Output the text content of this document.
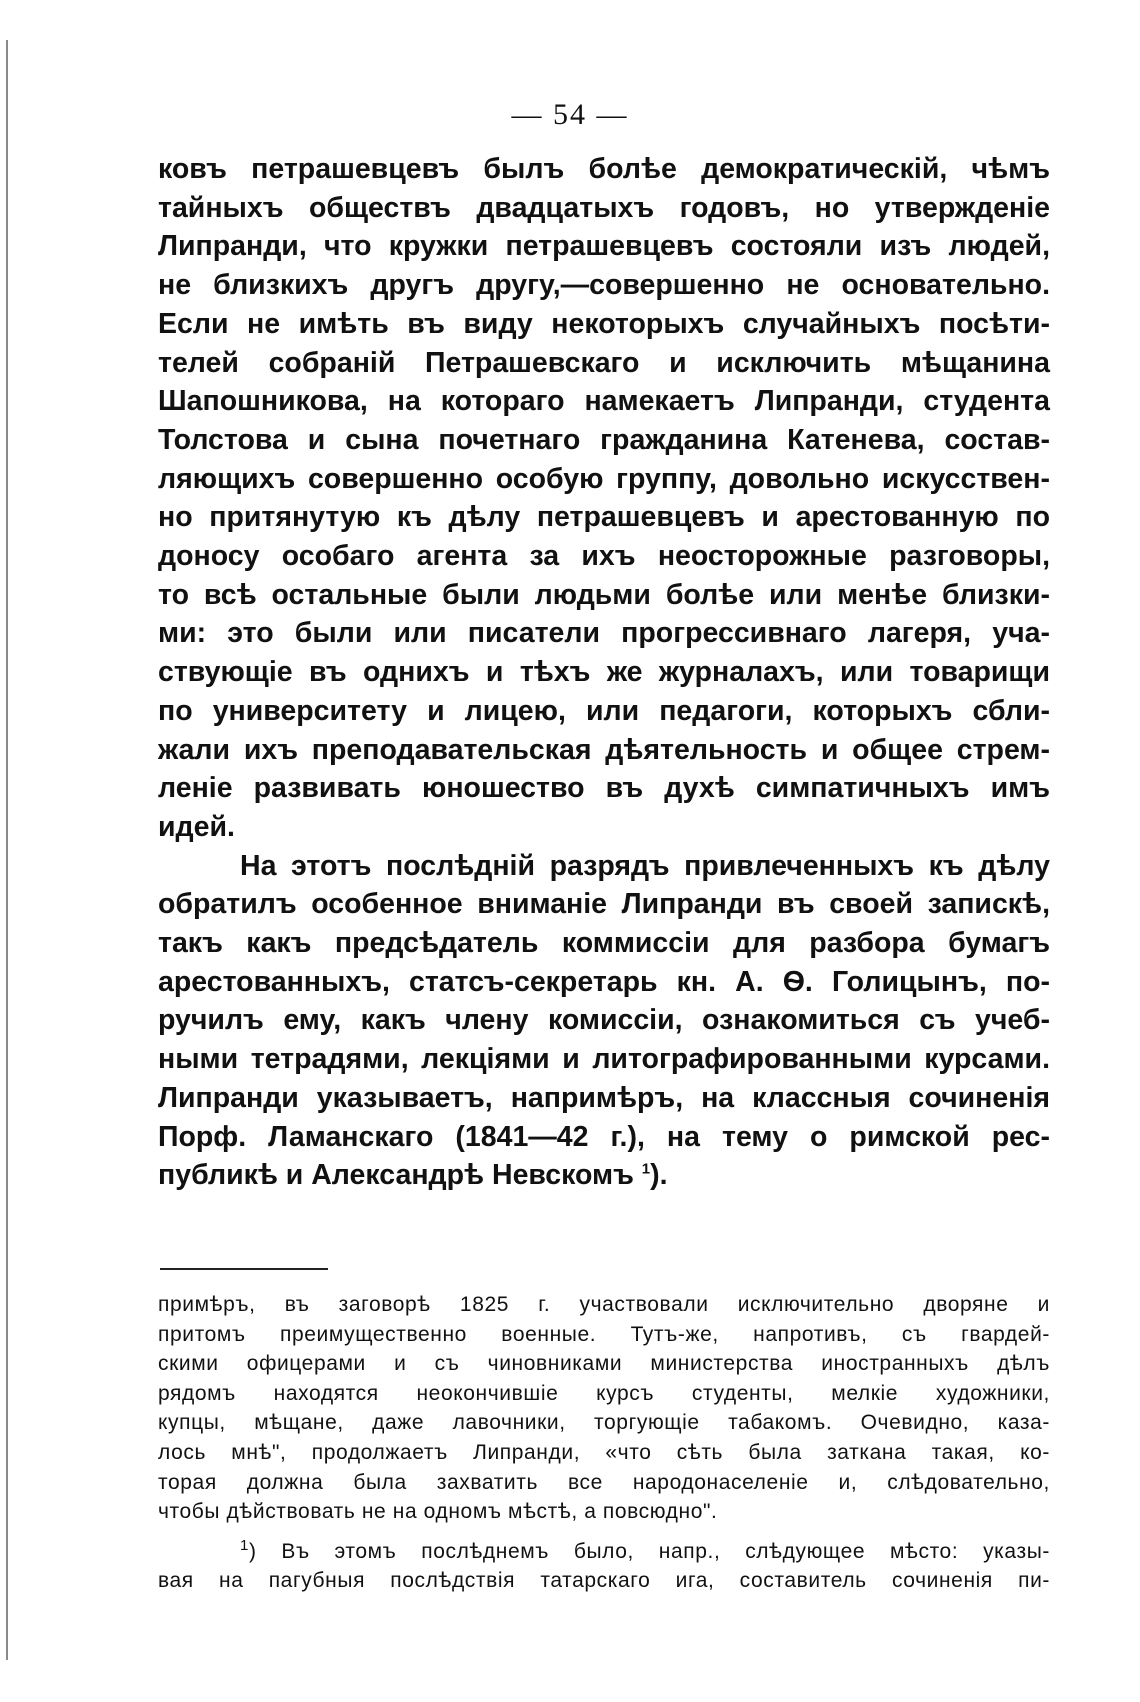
— 54 —

ковъ петрашевцевъ былъ болѣе демократическій, чѣмъ
тайныхъ обществъ двадцатыхъ годовъ, но утвержденіе
Липранди, что кружки петрашевцевъ состояли изъ людей,
не близкихъ другъ другу,—совершенно не основательно.
Если не имѣть въ виду некоторыхъ случайныхъ посѣти-
телей собраній Петрашевскаго и исключить мѣщанина
Шапошникова, на котораго намекаетъ Липранди, студента
Толстова и сына почетнаго гражданина Катенева, состав-
ляющихъ совершенно особую группу, довольно искусствен-
но притянутую къ дѣлу петрашевцевъ и арестованную по
доносу особаго агента за ихъ неосторожные разговоры,
то всѣ остальные были людьми болѣе или менѣе близки-
ми: это были или писатели прогрессивнаго лагеря, уча-
ствующіе въ однихъ и тѣхъ же журналахъ, или товарищи
по университету и лицею, или педагоги, которыхъ сбли-
жали ихъ преподавательская дѣятельность и общее стрем-
леніе развивать юношество въ духѣ симпатичныхъ имъ
идей.

На этотъ послѣдній разрядъ привлеченныхъ къ дѣлу
обратилъ особенное вниманіе Липранди въ своей запискѣ,
такъ какъ предсѣдатель коммиссіи для разбора бумагъ
арестованныхъ, статсъ-секретарь кн. А. Ѳ. Голицынъ, по-
ручилъ ему, какъ члену комиссіи, ознакомиться съ учеб-
ными тетрадями, лекціями и литографированными курсами.
Липранди указываетъ, напримѣръ, на классныя сочиненія
Порф. Ламанскаго (1841—42 г.), на тему о римской рес-
публикѣ и Александрѣ Невскомъ $^1$).

примѣръ, въ заговорѣ 1825 г. участвовали исключительно дворяне и
притомъ преимущественно военные. Тутъ-же, напротивъ, съ гвардей-
скими офицерами и съ чиновниками министерства иностранныхъ дѣлъ
рядомъ находятся неокончившіе курсъ студенты, мелкіе художники,
купцы, мѣщане, даже лавочники, торгующіе табакомъ. Очевидно, каза-
лось мнѣ", продолжаетъ Липранди, «что сѣть была заткана такая, ко-
торая должна была захватить все народонаселеніе и, слѣдовательно,
чтобы дѣйствовать не на одномъ мѣстѣ, а повсюдно".
$^1$) Въ этомъ послѣднемъ было, напр., слѣдующее мѣсто: указы-
вая на пагубныя послѣдствія татарскаго ига, составитель сочиненія пи-
